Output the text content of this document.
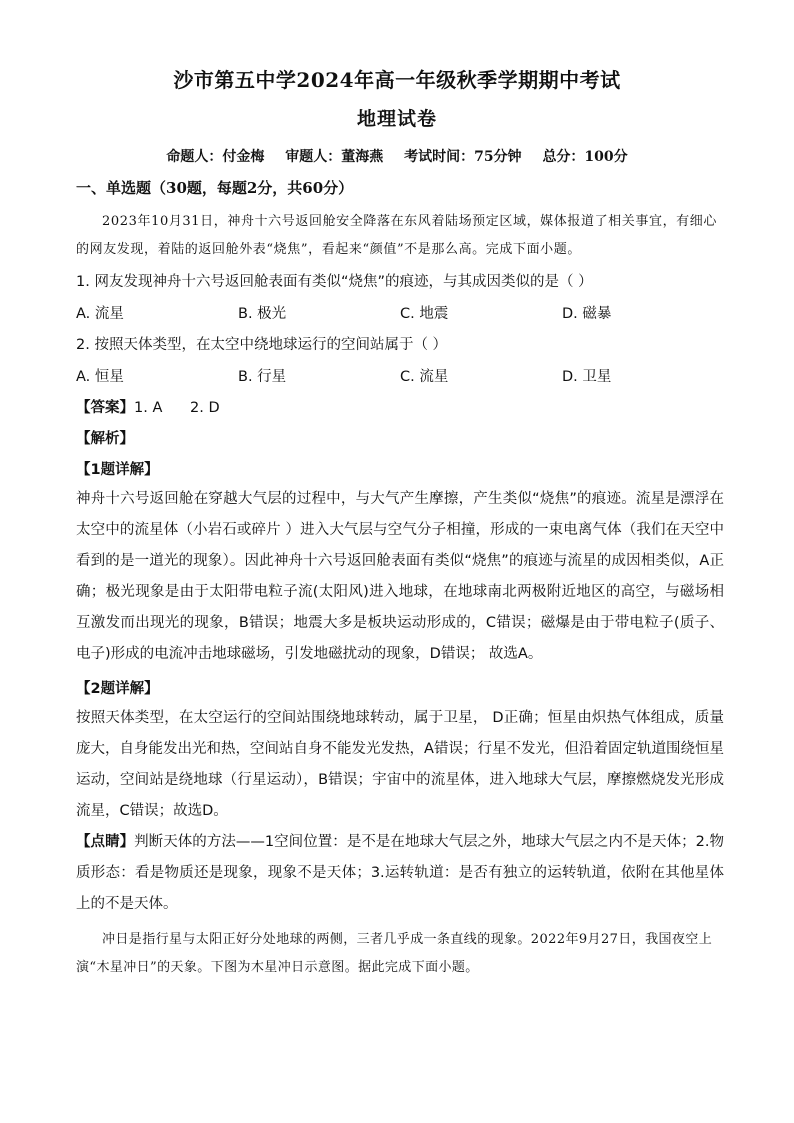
沙市第五中学2024年高一年级秋季学期期中考试
地理试卷
命题人：付金梅 审题人：董海燕 考试时间：75分钟 总分：100分
一、单选题（30题，每题2分，共60分）
2023年10月31日，神舟十六号返回舱安全降落在东风着陆场预定区域，媒体报道了相关事宜，有细心的网友发现，着陆的返回舱外表“烧焦”，看起来“颜值”不是那么高。完成下面小题。
1. 网友发现神舟十六号返回舱表面有类似“烧焦”的痕迹，与其成因类似的是（ ）
A. 流星	B. 极光	C. 地震	D. 磁暴
2. 按照天体类型，在太空中绕地球运行的空间站属于（ ）
A. 恒星	B. 行星	C. 流星	D. 卫星
【答案】1. A      2. D
【解析】
【1题详解】
神舟十六号返回舱在穿越大气层的过程中，与大气产生摩擦，产生类似“烧焦”的痕迹。流星是漂浮在太空中的流星体（小岩石或碎片 ）进入大气层与空气分子相撞，形成的一束电离气体（我们在天空中看到的是一道光的现象）。因此神舟十六号返回舱表面有类似“烧焦”的痕迹与流星的成因相类似，A正确；极光现象是由于太阳带电粒子流(太阳风)进入地球，在地球南北两极附近地区的高空，与磁场相互激发而出现光的现象，B错误；地震大多是板块运动形成的，C错误；磁爆是由于带电粒子(质子、电子)形成的电流冲击地球磁场，引发地磁扰动的现象，D错误； 故选A。
【2题详解】
按照天体类型，在太空运行的空间站围绕地球转动，属于卫星， D正确；恒星由炽热气体组成，质量庞大，自身能发出光和热，空间站自身不能发光发热，A错误；行星不发光，但沿着固定轨道围绕恒星运动，空间站是绕地球（行星运动），B错误；宇宙中的流星体，进入地球大气层，摩擦燃烧发光形成流星，C错误；故选D。
【点睛】判断天体的方法——1空间位置：是不是在地球大气层之外，地球大气层之内不是天体；2.物质形态：看是物质还是现象，现象不是天体；3.运转轨道：是否有独立的运转轨道，依附在其他星体上的不是天体。
冲日是指行星与太阳正好分处地球的两侧，三者几乎成一条直线的现象。2022年9月27日，我国夜空上演“木星冲日”的天象。下图为木星冲日示意图。据此完成下面小题。
